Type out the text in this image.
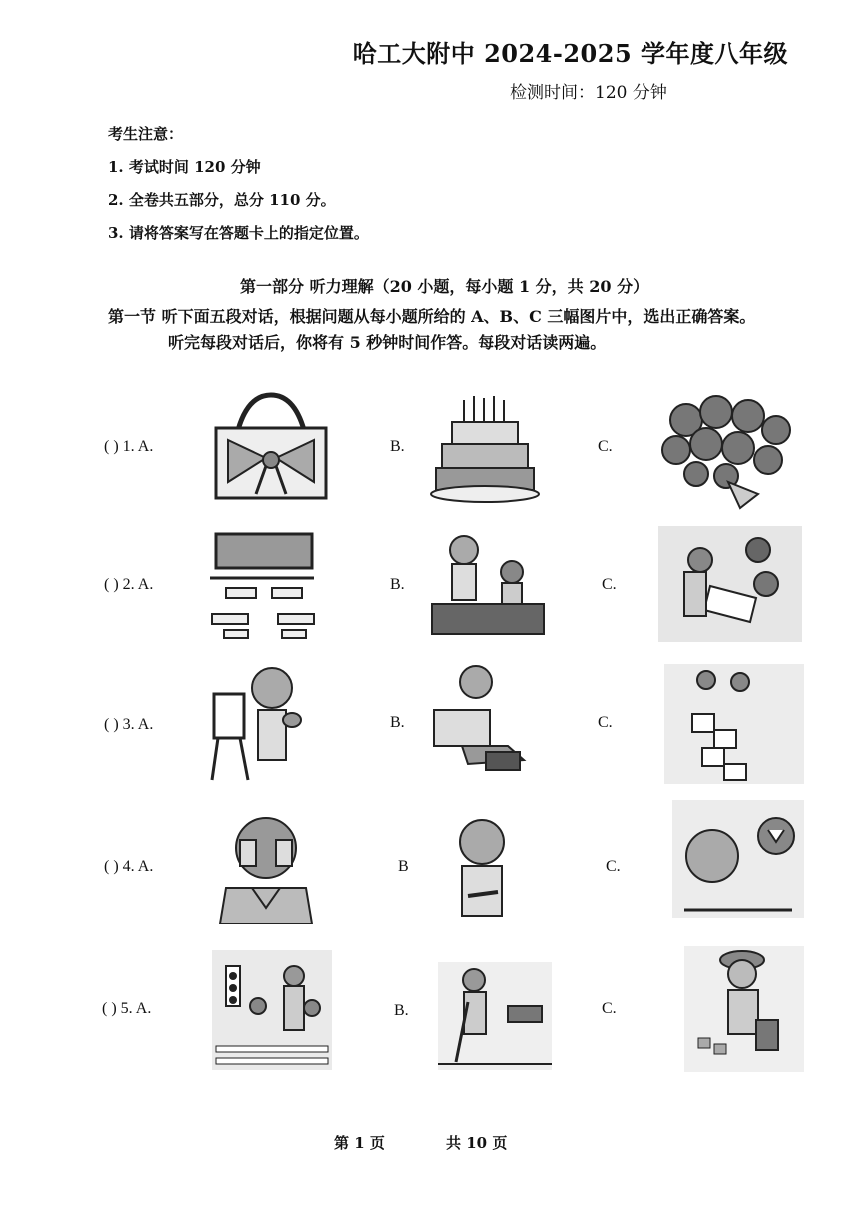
哈工大附中 2024-2025 学年度八年级
检测时间：120 分钟
考生注意：
1. 考试时间 120 分钟
2. 全卷共五部分，总分 110 分。
3. 请将答案写在答题卡上的指定位置。
第一部分 听力理解（20 小题，每小题 1 分，共 20 分）
第一节 听下面五段对话，根据问题从每小题所给的 A、B、C 三幅图片中，选出正确答案。
听完每段对话后，你将有 5 秒钟时间作答。每段对话读两遍。
( ) 1. A.	B.	C.
( ) 2. A.	B.	C.
( ) 3. A.	B.	C.
( ) 4. A.	B	C.
( ) 5. A.	B.	C.
第 1 页	共 10 页
